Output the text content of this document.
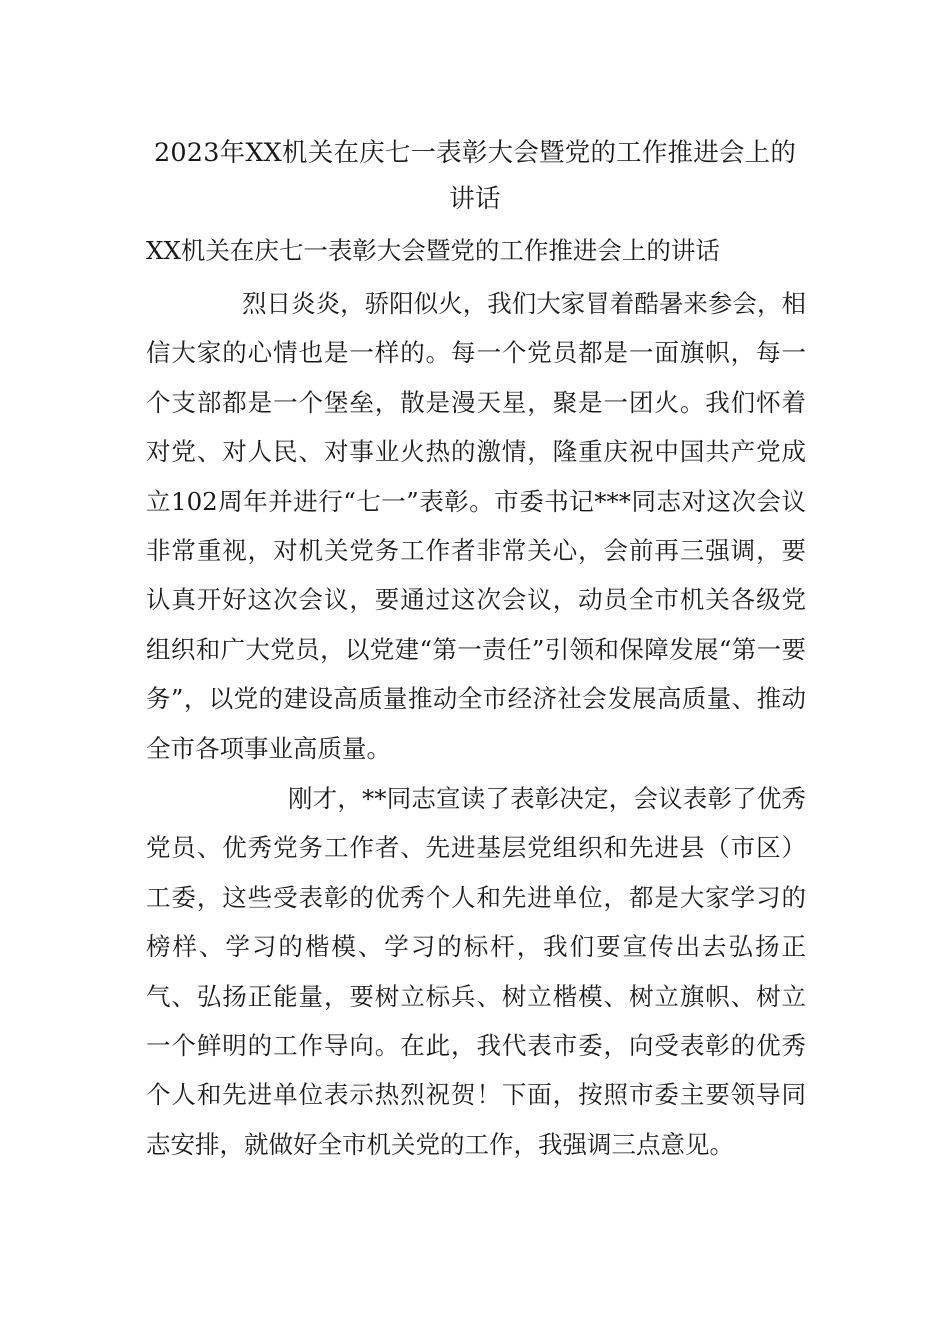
2023年XX机关在庆七一表彰大会暨党的工作推进会上的讲话
XX机关在庆七一表彰大会暨党的工作推进会上的讲话
烈日炎炎，骄阳似火，我们大家冒着酷暑来参会，相信大家的心情也是一样的。每一个党员都是一面旗帜，每一个支部都是一个堡垒，散是漫天星，聚是一团火。我们怀着对党、对人民、对事业火热的激情，隆重庆祝中国共产党成立102周年并进行“七一”表彰。市委书记***同志对这次会议非常重视，对机关党务工作者非常关心，会前再三强调，要认真开好这次会议，要通过这次会议，动员全市机关各级党组织和广大党员，以党建“第一责任”引领和保障发展“第一要务”，以党的建设高质量推动全市经济社会发展高质量、推动全市各项事业高质量。
刚才，**同志宣读了表彰决定，会议表彰了优秀党员、优秀党务工作者、先进基层党组织和先进县（市区）工委，这些受表彰的优秀个人和先进单位，都是大家学习的榜样、学习的楷模、学习的标杆，我们要宣传出去弘扬正气、弘扬正能量，要树立标兵、树立楷模、树立旗帜、树立一个鲜明的工作导向。在此，我代表市委，向受表彰的优秀个人和先进单位表示热烈祝贺！下面，按照市委主要领导同志安排，就做好全市机关党的工作，我强调三点意见。
